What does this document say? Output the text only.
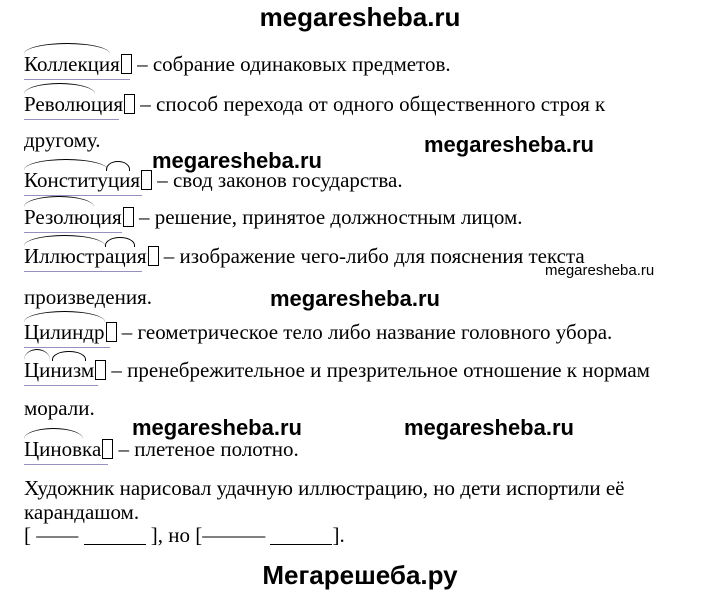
megaresheba.ru
Коллекция
– собрание одинаковых предметов.
Революция
– способ перехода от одного общественного строя к
другому.	megaresheba.ru
Конституция
– свод законов государства.
megaresheba.ru
Резолюция
– решение, принятое должностным лицом.
Иллюстрация
– изображение чего-либо для пояснения текста
megaresheba.ru
произведения.	megaresheba.ru
Цилиндр
– геометрическое тело либо название головного убора.
Цинизм
– пренебрежительное и презрительное отношение к нормам
морали.
megaresheba.ru	megaresheba.ru
Циновка
– плетеное полотно.
Художник нарисовал удачную иллюстрацию, но дети испортили её
карандашом.
[ ——	], но [———	].
Мегарешеба.ру
